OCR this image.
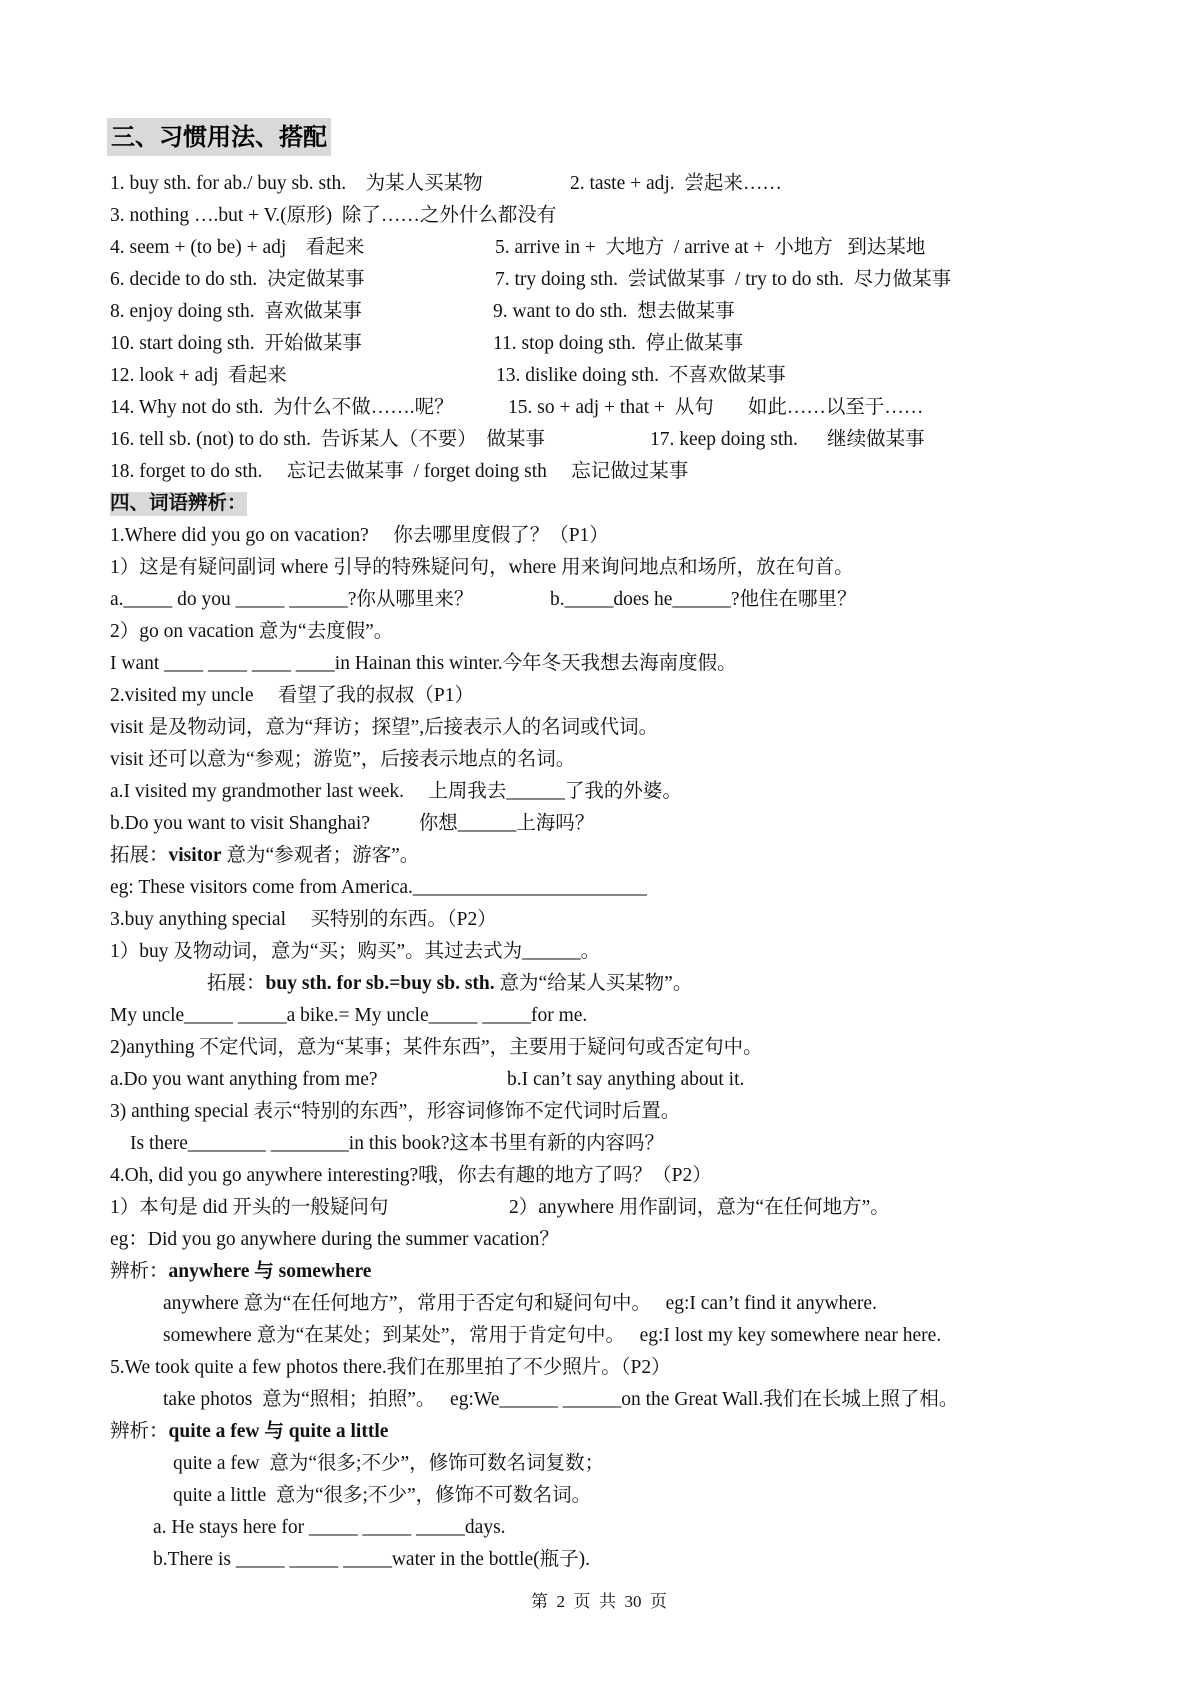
三、习惯用法、搭配
1. buy sth. for ab./ buy sb. sth.    为某人买某物	2. taste + adj.  尝起来……
3. nothing ….but + V.(原形)  除了……之外什么都没有
4. seem + (to be) + adj    看起来	5. arrive in +  大地方  / arrive at +  小地方   到达某地
6. decide to do sth.  决定做某事	7. try doing sth.  尝试做某事  / try to do sth.  尽力做某事
8. enjoy doing sth.  喜欢做某事	9. want to do sth.  想去做某事
10. start doing sth.  开始做某事	11. stop doing sth.  停止做某事
12. look + adj  看起来	13. dislike doing sth.  不喜欢做某事
14. Why not do sth.  为什么不做…….呢？	15. so + adj + that +  从句       如此……以至于……
16. tell sb. (not) to do sth.  告诉某人（不要）  做某事	17. keep doing sth.      继续做某事
18. forget to do sth.     忘记去做某事  / forget doing sth     忘记做过某事
四、词语辨析：
1.Where did you go on vacation?     你去哪里度假了？（P1）
1）这是有疑问副词 where 引导的特殊疑问句，where 用来询问地点和场所，放在句首。
a._____ do you _____ ______?你从哪里来？	b._____does he______?他住在哪里？
2）go on vacation 意为“去度假”。
I want ____ ____ ____ ____in Hainan this winter.今年冬天我想去海南度假。
2.visited my uncle     看望了我的叔叔（P1）
visit 是及物动词，意为“拜访；探望”,后接表示人的名词或代词。
visit 还可以意为“参观；游览”，后接表示地点的名词。
a.I visited my grandmother last week.     上周我去______了我的外婆。
b.Do you want to visit Shanghai?          你想______上海吗？
拓展：visitor 意为“参观者；游客”。
eg: These visitors come from America.________________________
3.buy anything special     买特别的东西。（P2）
1）buy 及物动词，意为“买；购买”。其过去式为______。
拓展：buy sth. for sb.=buy sb. sth. 意为“给某人买某物”。
My uncle_____ _____a bike.= My uncle_____ _____for me.
2)anything 不定代词，意为“某事；某件东西”，主要用于疑问句或否定句中。
a.Do you want anything from me?	b.I can’t say anything about it.
3) anthing special 表示“特别的东西”，形容词修饰不定代词时后置。
Is there________ ________in this book?这本书里有新的内容吗？
4.Oh, did you go anywhere interesting?哦，你去有趣的地方了吗？（P2）
1）本句是 did 开头的一般疑问句	2）anywhere 用作副词，意为“在任何地方”。
eg：Did you go anywhere during the summer vacation？
辨析：anywhere 与 somewhere
anywhere 意为“在任何地方”，常用于否定句和疑问句中。   eg:I can’t find it anywhere.
somewhere 意为“在某处；到某处”，常用于肯定句中。   eg:I lost my key somewhere near here.
5.We took quite a few photos there.我们在那里拍了不少照片。（P2）
take photos  意为“照相；拍照”。   eg:We______ ______on the Great Wall.我们在长城上照了相。
辨析：quite a few 与 quite a little
quite a few  意为“很多;不少”，修饰可数名词复数；
quite a little  意为“很多;不少”，修饰不可数名词。
a. He stays here for _____ _____ _____days.
b.There is _____ _____ _____water in the bottle(瓶子).
第  2  页  共  30  页
